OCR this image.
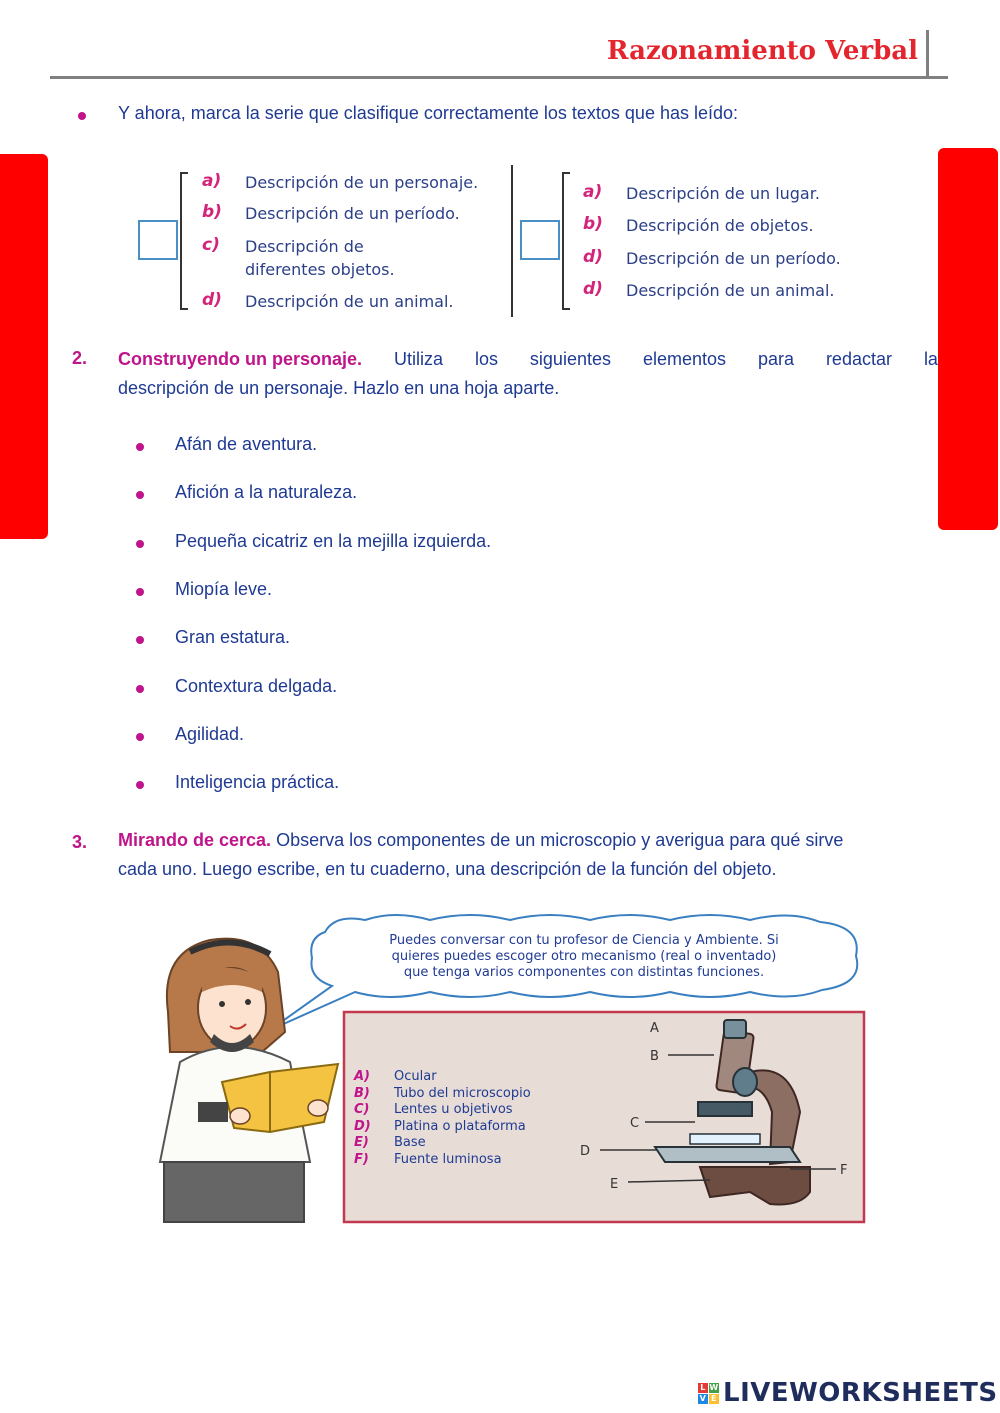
Razonamiento Verbal
Y ahora, marca la serie que clasifique correctamente los textos que has leído:
a) Descripción de un personaje.
b) Descripción de un período.
c) Descripción de
diferentes objetos.
d) Descripción de un animal.
a) Descripción de un lugar.
b) Descripción de objetos.
d) Descripción de un período.
d) Descripción de un animal.
2. Construyendo un personaje. Utiliza los siguientes elementos para redactar la
descripción de un personaje. Hazlo en una hoja aparte.
Afán de aventura.
Afición a la naturaleza.
Pequeña cicatriz en la mejilla izquierda.
Miopía leve.
Gran estatura.
Contextura delgada.
Agilidad.
Inteligencia práctica.
3. Mirando de cerca. Observa los componentes de un microscopio y averigua para qué sirve
cada uno. Luego escribe, en tu cuaderno, una descripción de la función del objeto.
Puedes conversar con tu profesor de Ciencia y Ambiente. Si
quieres puedes escoger otro mecanismo (real o inventado)
que tenga varios componentes con distintas funciones.
A) Ocular
B) Tubo del microscopio
C) Lentes u objetivos
D) Platina o plataforma
E) Base
F) Fuente luminosa
A
B
C
D
E
F
L W
V E LIVEWORKSHEETS
